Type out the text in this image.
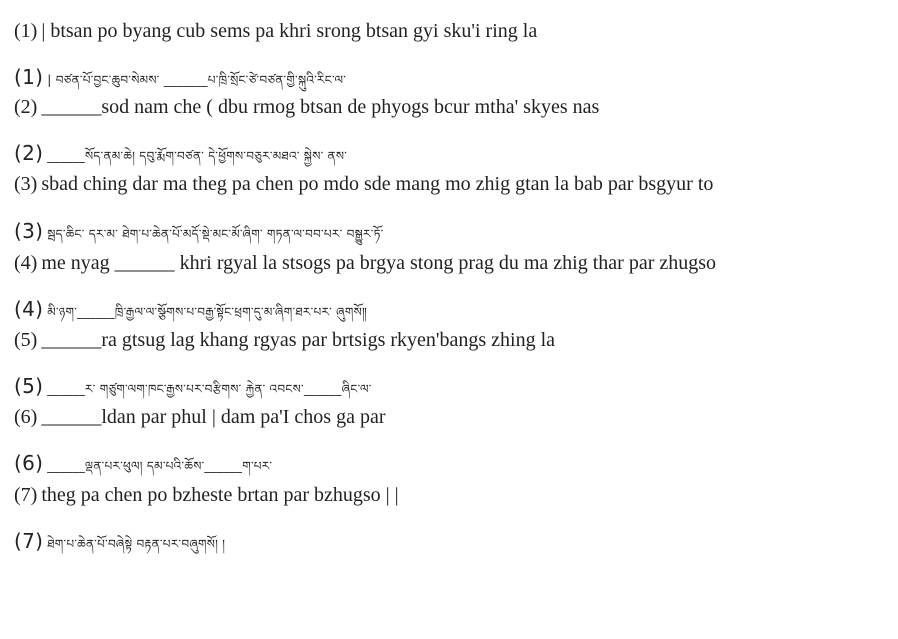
(1) | btsan po byang cub sems pa khri srong btsan gyi sku'i ring la
(1) | བཙན་པོ་བྱང་ཆུབ་སེམས་ _______པ་ཁྲི་སྲོང་ཙེ་བཙན་གྱི་སྐུའི་རིང་ལ་
(2) ______sod nam che ( dbu rmog btsan de phyogs bcur mtha' skyes nas
(2) ______སོད་ནམ་ཆེ། དབུ་རྨོག་བཙན་ དེ་ཕྱོགས་བཅུར་མཐའ་ སྐྱེས་ ནས་
(3) sbad ching dar ma theg pa chen po mdo sde mang mo zhig gtan la bab par bsgyur to
(3) སྦད་ཆིང་ དར་མ་ ཐེག་པ་ཆེན་པོ་མདོ་སྡེ་མང་མོ་ཞིག་ གཏན་ལ་བབ་པར་ བསྒྱུར་ཏོ་
(4) me nyag ______ khri rgyal la stsogs pa brgya stong prag du ma zhig thar par zhugso
(4) མི་ཉག་______ཁྲི་རྒྱལ་ལ་སྩོགས་པ་བརྒྱ་སྟོང་ཕྲག་དུ་མ་ཞིག་ཐར་པར་ ཞུགསོ༎
(5) ______ra gtsug lag khang rgyas par brtsigs rkyen'bangs zhing la
(5) ______ར་ གཙུག་ལག་ཁང་རྒྱས་པར་བརྩིགས་ རྐྱེན་ འབངས་______ཞིང་ལ་
(6) ______ldan par phul | dam pa'I chos ga par
(6) ______ལྡན་པར་ཕུལ། དམ་པའི་ཆོས་______ག་པར་
(7) theg pa chen po bzheste brtan par bzhugso | |
(7) ཐེག་པ་ཆེན་པོ་བཞེསྟེ བརྟན་པར་བཞུགསོ། །
